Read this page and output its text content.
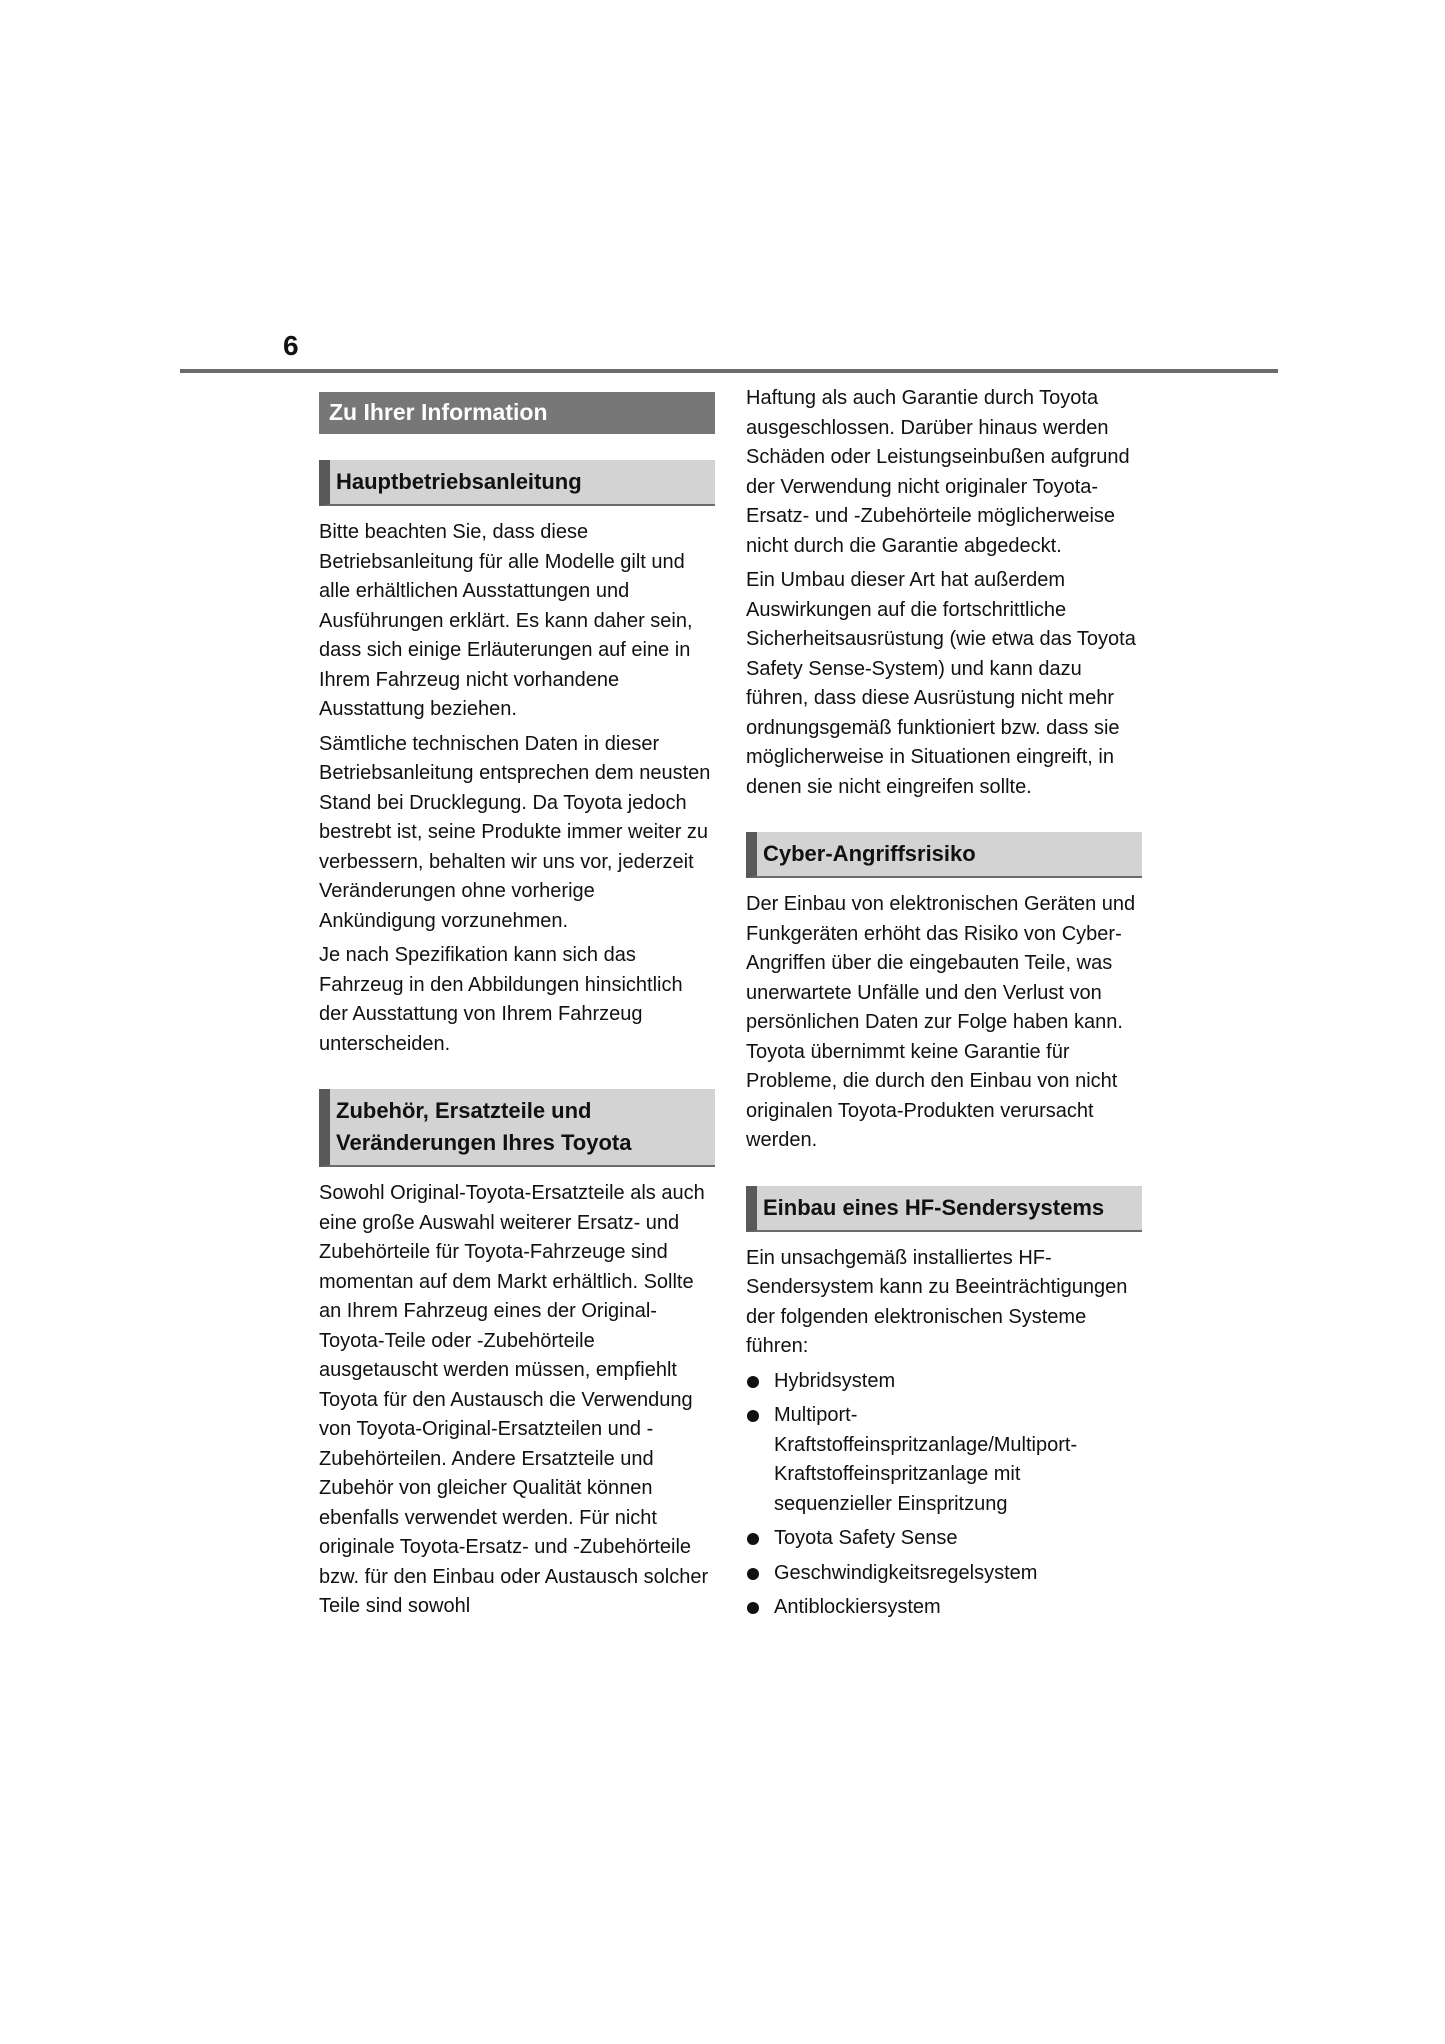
6
Zu Ihrer Information
Hauptbetriebsanleitung

Bitte beachten Sie, dass diese Betriebsanleitung für alle Modelle gilt und alle erhältlichen Ausstattungen und Ausführungen erklärt. Es kann daher sein, dass sich einige Erläuterungen auf eine in Ihrem Fahrzeug nicht vorhandene Ausstattung beziehen.

Sämtliche technischen Daten in dieser Betriebsanleitung entsprechen dem neusten Stand bei Drucklegung. Da Toyota jedoch bestrebt ist, seine Produkte immer weiter zu verbessern, behalten wir uns vor, jederzeit Veränderungen ohne vorherige Ankündigung vorzunehmen.

Je nach Spezifikation kann sich das Fahrzeug in den Abbildungen hinsichtlich der Ausstattung von Ihrem Fahrzeug unterscheiden.

Zubehör, Ersatzteile und Veränderungen Ihres Toyota

Sowohl Original-Toyota-Ersatzteile als auch eine große Auswahl weiterer Ersatz- und Zubehörteile für Toyota-Fahrzeuge sind momentan auf dem Markt erhältlich. Sollte an Ihrem Fahrzeug eines der Original-Toyota-Teile oder -Zubehörteile ausgetauscht werden müssen, empfiehlt Toyota für den Austausch die Verwendung von Toyota-Original-Ersatzteilen und -Zubehörteilen. Andere Ersatzteile und Zubehör von gleicher Qualität können ebenfalls verwendet werden. Für nicht originale Toyota-Ersatz- und -Zubehörteile bzw. für den Einbau oder Austausch solcher Teile sind sowohl

Haftung als auch Garantie durch Toyota ausgeschlossen. Darüber hinaus werden Schäden oder Leistungseinbußen aufgrund der Verwendung nicht originaler Toyota-Ersatz- und -Zubehörteile möglicherweise nicht durch die Garantie abgedeckt.

Ein Umbau dieser Art hat außerdem Auswirkungen auf die fortschrittliche Sicherheitsausrüstung (wie etwa das Toyota Safety Sense-System) und kann dazu führen, dass diese Ausrüstung nicht mehr ordnungsgemäß funktioniert bzw. dass sie möglicherweise in Situationen eingreift, in denen sie nicht eingreifen sollte.

Cyber-Angriffsrisiko

Der Einbau von elektronischen Geräten und Funkgeräten erhöht das Risiko von Cyber-Angriffen über die eingebauten Teile, was unerwartete Unfälle und den Verlust von persönlichen Daten zur Folge haben kann. Toyota übernimmt keine Garantie für Probleme, die durch den Einbau von nicht originalen Toyota-Produkten verursacht werden.

Einbau eines HF-Sendersystems

Ein unsachgemäß installiertes HF-Sendersystem kann zu Beeinträchtigungen der folgenden elektronischen Systeme führen:

Hybridsystem
Multiport-Kraftstoffeinspritzanlage/Multiport-Kraftstoffeinspritzanlage mit sequenzieller Einspritzung
Toyota Safety Sense
Geschwindigkeitsregelsystem
Antiblockiersystem
